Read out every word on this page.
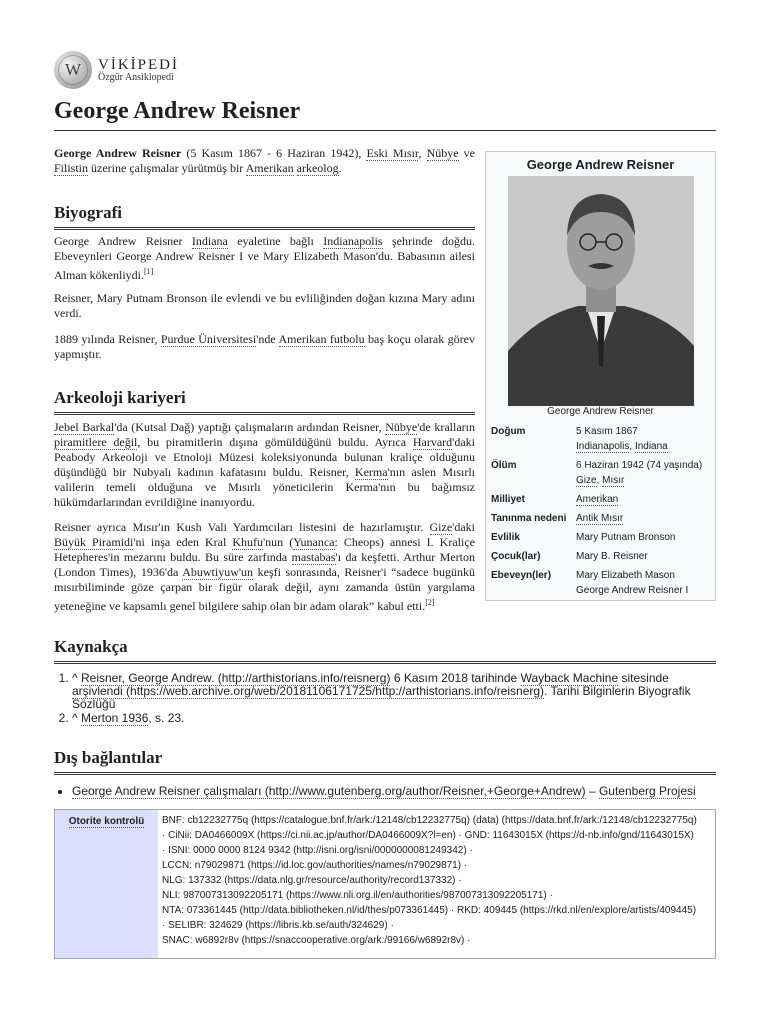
W
VİKİPEDİ
Özgür Ansiklopedi
George Andrew Reisner

George Andrew Reisner (5 Kasım 1867 - 6 Haziran 1942), Eski Mısır, Nübye ve Filistin üzerine çalışmalar yürütmüş bir Amerikan arkeolog.

Biyografi

George Andrew Reisner Indiana eyaletine bağlı Indianapolis şehrinde doğdu. Ebeveynleri George Andrew Reisner I ve Mary Elizabeth Mason'du. Babasının ailesi Alman kökenliydi.[1]

Reisner, Mary Putnam Bronson ile evlendi ve bu evliliğinden doğan kızına Mary adını verdi.

1889 yılında Reisner, Purdue Üniversitesi'nde Amerikan futbolu baş koçu olarak görev yapmıştır.

Arkeoloji kariyeri

Jebel Barkal'da (Kutsal Dağ) yaptığı çalışmaların ardından Reisner, Nübye'de kralların piramitlere değil, bu piramitlerin dışına gömüldüğünü buldu. Ayrıca Harvard'daki Peabody Arkeoloji ve Etnoloji Müzesi koleksiyonunda bulunan kraliçe olduğunu düşündüğü bir Nubyalı kadının kafatasını buldu. Reisner, Kerma'nın aslen Mısırlı valilerin temeli olduğuna ve Mısırlı yöneticilerin Kerma'nın bu bağımsız hükümdarlarından evrildiğine inanıyordu.

Reisner ayrıca Mısır'ın Kush Vali Yardımcıları listesini de hazırlamıştır. Gize'daki Büyük Piramidi'ni inşa eden Kral Khufu'nun (Yunanca: Cheops) annesi I. Kraliçe Hetepheres'in mezarını buldu. Bu süre zarfında mastabas'ı da keşfetti. Arthur Merton (London Times), 1936'da Abuwtiyuw'un keşfi sonrasında, Reisner'i “sadece bugünkü mısırbiliminde göze çarpan bir figür olarak değil, aynı zamanda üstün yargılama yeteneğine ve kapsamlı genel bilgilere sahip olan bir adam olarak” kabul etti.[2]

George Andrew Reisner
George Andrew Reisner
Doğum	5 Kasım 1867
Indianapolis, Indiana
Ölüm	6 Haziran 1942 (74 yaşında)
Gize, Mısır
Milliyet	Amerikan
Tanınma nedeni	Antik Mısır
Evlilik	Mary Putnam Bronson
Çocuk(lar)	Mary B. Reisner
Ebeveyn(ler)	Mary Elizabeth Mason
George Andrew Reisner I
Kaynakça
1. ^ Reisner, George Andrew. (http://arthistorians.info/reisnerg) 6 Kasım 2018 tarihinde Wayback Machine sitesinde arşivlendi (https://web.archive.org/web/20181106171725/http://arthistorians.info/reisnerg). Tarihi Bilginlerin Biyografik Sözlüğü
2. ^ Merton 1936, s. 23.
Dış bağlantılar
• George Andrew Reisner çalışmaları (http://www.gutenberg.org/author/Reisner,+George+Andrew) – Gutenberg Projesi
Otorite kontrolü	BNF: cb12232775q (https://catalogue.bnf.fr/ark:/12148/cb12232775q) (data) (https://data.bnf.fr/ark:/12148/cb12232775q)
· CiNii: DA0466009X (https://ci.nii.ac.jp/author/DA0466009X?l=en) · GND: 11643015X (https://d-nb.info/gnd/11643015X)
· ISNI: 0000 0000 8124 9342 (http://isni.org/isni/0000000081249342) ·
LCCN: n79029871 (https://id.loc.gov/authorities/names/n79029871) ·
NLG: 137332 (https://data.nlg.gr/resource/authority/record137332) ·
NLI: 987007313092205171 (https://www.nli.org.il/en/authorities/987007313092205171) ·
NTA: 073361445 (http://data.bibliotheken.nl/id/thes/p073361445) · RKD: 409445 (https://rkd.nl/en/explore/artists/409445)
· SELIBR: 324629 (https://libris.kb.se/auth/324629) ·
SNAC: w6892r8v (https://snaccooperative.org/ark:/99166/w6892r8v) ·
